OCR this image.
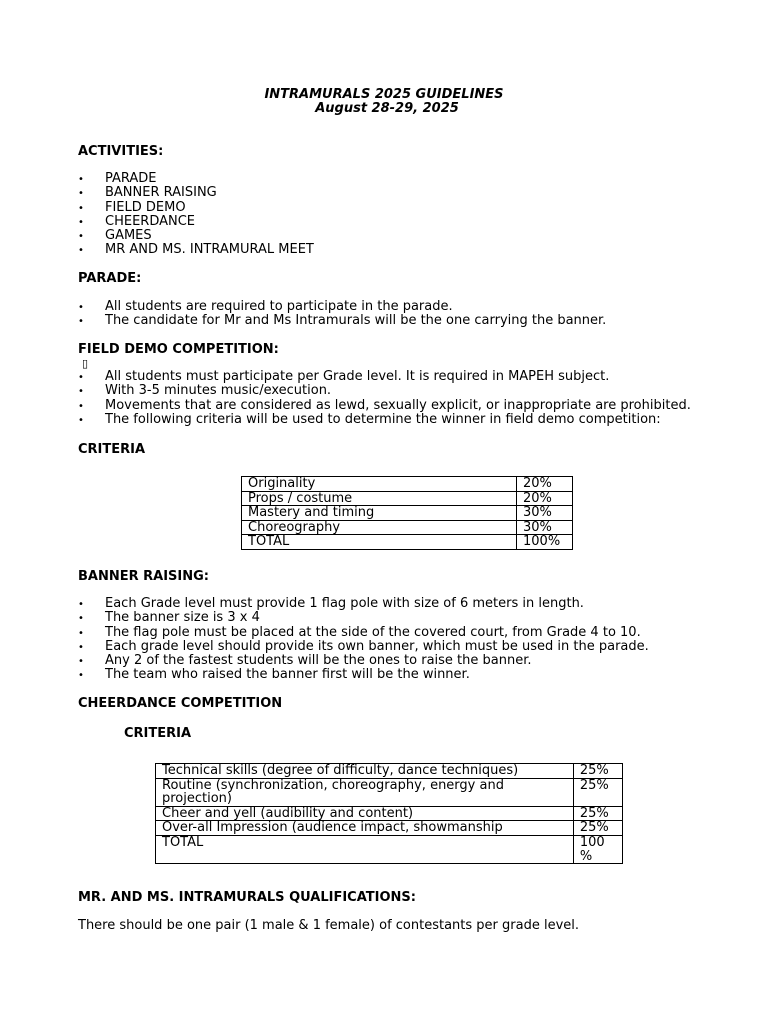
INTRAMURALS 2025 GUIDELINES
August 28-29, 2025
ACTIVITIES:
• PARADE
• BANNER RAISING
• FIELD DEMO
• CHEERDANCE
• GAMES
• MR AND MS. INTRAMURAL MEET
PARADE:
• All students are required to participate in the parade.
• The candidate for Mr and Ms Intramurals will be the one carrying the banner.
FIELD DEMO COMPETITION:
▯
• All students must participate per Grade level. It is required in MAPEH subject.
• With 3-5 minutes music/execution.
• Movements that are considered as lewd, sexually explicit, or inappropriate are prohibited.
• The following criteria will be used to determine the winner in field demo competition:
CRITERIA
Originality	20%
Props / costume	20%
Mastery and timing	30%
Choreography	30%
TOTAL	100%
BANNER RAISING:
• Each Grade level must provide 1 flag pole with size of 6 meters in length.
• The banner size is 3 x 4
• The flag pole must be placed at the side of the covered court, from Grade 4 to 10.
• Each grade level should provide its own banner, which must be used in the parade.
• Any 2 of the fastest students will be the ones to raise the banner.
• The team who raised the banner first will be the winner.
CHEERDANCE COMPETITION
CRITERIA
Technical skills (degree of difficulty, dance techniques)	25%
Routine (synchronization, choreography, energy and projection)	25%
Cheer and yell (audibility and content)	25%
Over-all Impression (audience impact, showmanship	25%
TOTAL	100 %
MR. AND MS. INTRAMURALS QUALIFICATIONS:
There should be one pair (1 male & 1 female) of contestants per grade level.
